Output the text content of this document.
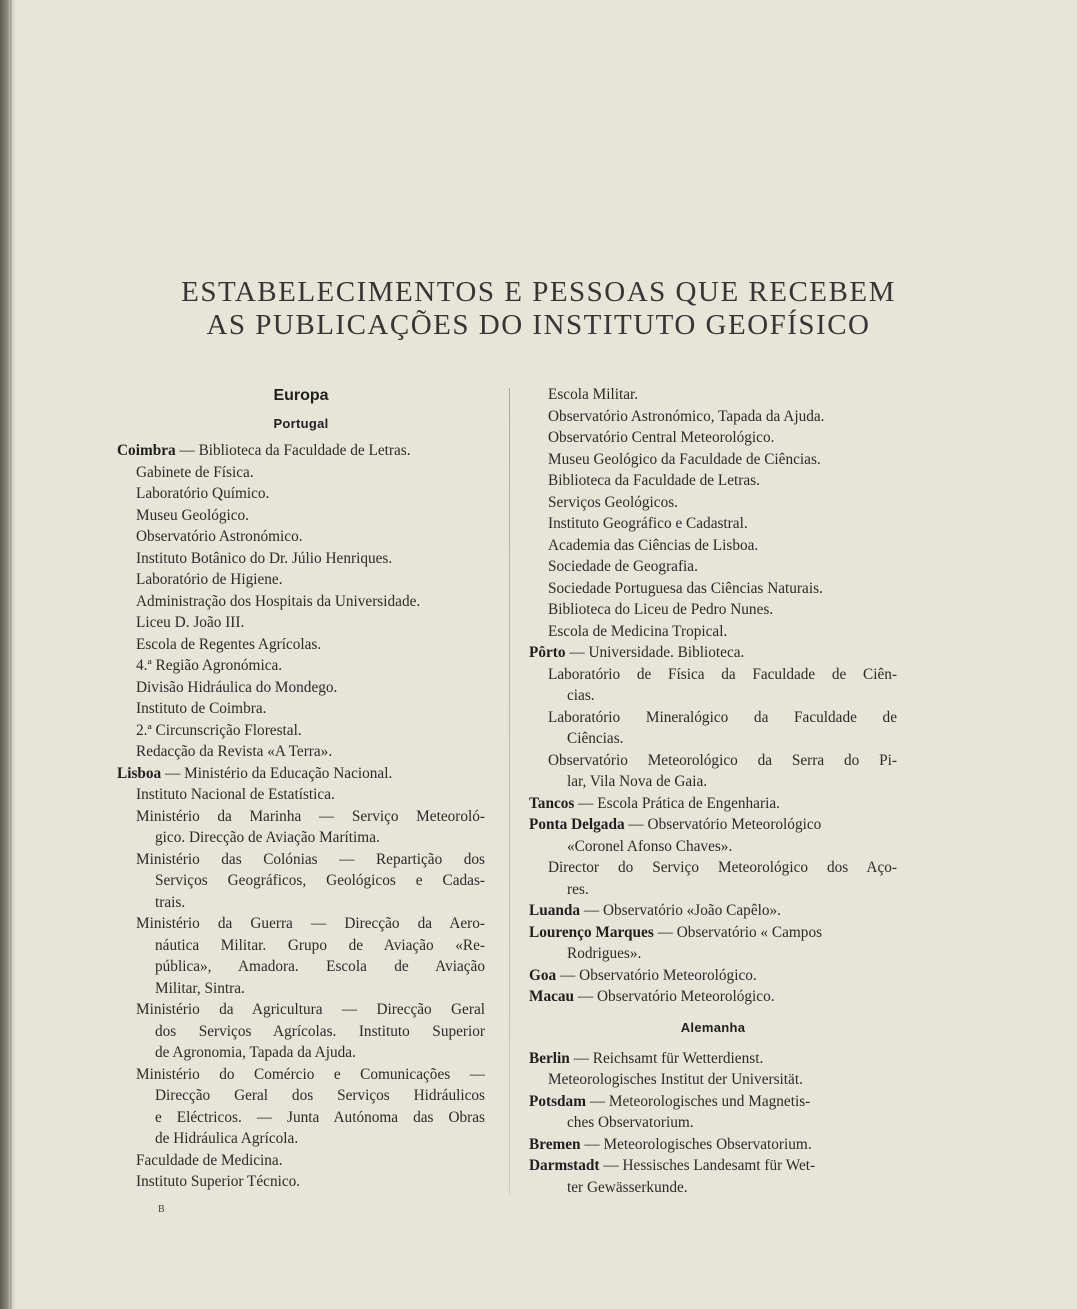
ESTABELECIMENTOS E PESSOAS QUE RECEBEM
AS PUBLICAÇÕES DO INSTITUTO GEOFÍSICO
Europa
Portugal
Coimbra — Biblioteca da Faculdade de Letras.
Gabinete de Física.
Laboratório Químico.
Museu Geológico.
Observatório Astronómico.
Instituto Botânico do Dr. Júlio Henriques.
Laboratório de Higiene.
Administração dos Hospitais da Universidade.
Liceu D. João III.
Escola de Regentes Agrícolas.
4.ª Região Agronómica.
Divisão Hidráulica do Mondego.
Instituto de Coimbra.
2.ª Circunscrição Florestal.
Redacção da Revista «A Terra».
Lisboa — Ministério da Educação Nacional.
Instituto Nacional de Estatística.
Ministério da Marinha — Serviço Meteoroló-
gico. Direcção de Aviação Marítima.
Ministério das Colónias — Repartição dos
Serviços Geográficos, Geológicos e Cadas-
trais.
Ministério da Guerra — Direcção da Aero-
náutica Militar. Grupo de Aviação «Re-
pública», Amadora. Escola de Aviação
Militar, Sintra.
Ministério da Agricultura — Direcção Geral
dos Serviços Agrícolas. Instituto Superior
de Agronomia, Tapada da Ajuda.
Ministério do Comércio e Comunicações —
Direcção Geral dos Serviços Hidráulicos
e Eléctricos. — Junta Autónoma das Obras
de Hidráulica Agrícola.
Faculdade de Medicina.
Instituto Superior Técnico.
B
Escola Militar.
Observatório Astronómico, Tapada da Ajuda.
Observatório Central Meteorológico.
Museu Geológico da Faculdade de Ciências.
Biblioteca da Faculdade de Letras.
Serviços Geológicos.
Instituto Geográfico e Cadastral.
Academia das Ciências de Lisboa.
Sociedade de Geografia.
Sociedade Portuguesa das Ciências Naturais.
Biblioteca do Liceu de Pedro Nunes.
Escola de Medicina Tropical.
Pôrto — Universidade. Biblioteca.
Laboratório de Física da Faculdade de Ciên-
cias.
Laboratório Mineralógico da Faculdade de
Ciências.
Observatório Meteorológico da Serra do Pi-
lar, Vila Nova de Gaia.
Tancos — Escola Prática de Engenharia.
Ponta Delgada — Observatório Meteorológico
«Coronel Afonso Chaves».
Director do Serviço Meteorológico dos Aço-
res.
Luanda — Observatório «João Capêlo».
Lourenço Marques — Observatório « Campos
Rodrigues».
Goa — Observatório Meteorológico.
Macau — Observatório Meteorológico.
Alemanha
Berlin — Reichsamt für Wetterdienst.
Meteorologisches Institut der Universität.
Potsdam — Meteorologisches und Magnetis-
ches Observatorium.
Bremen — Meteorologisches Observatorium.
Darmstadt — Hessisches Landesamt für Wet-
ter Gewässerkunde.
